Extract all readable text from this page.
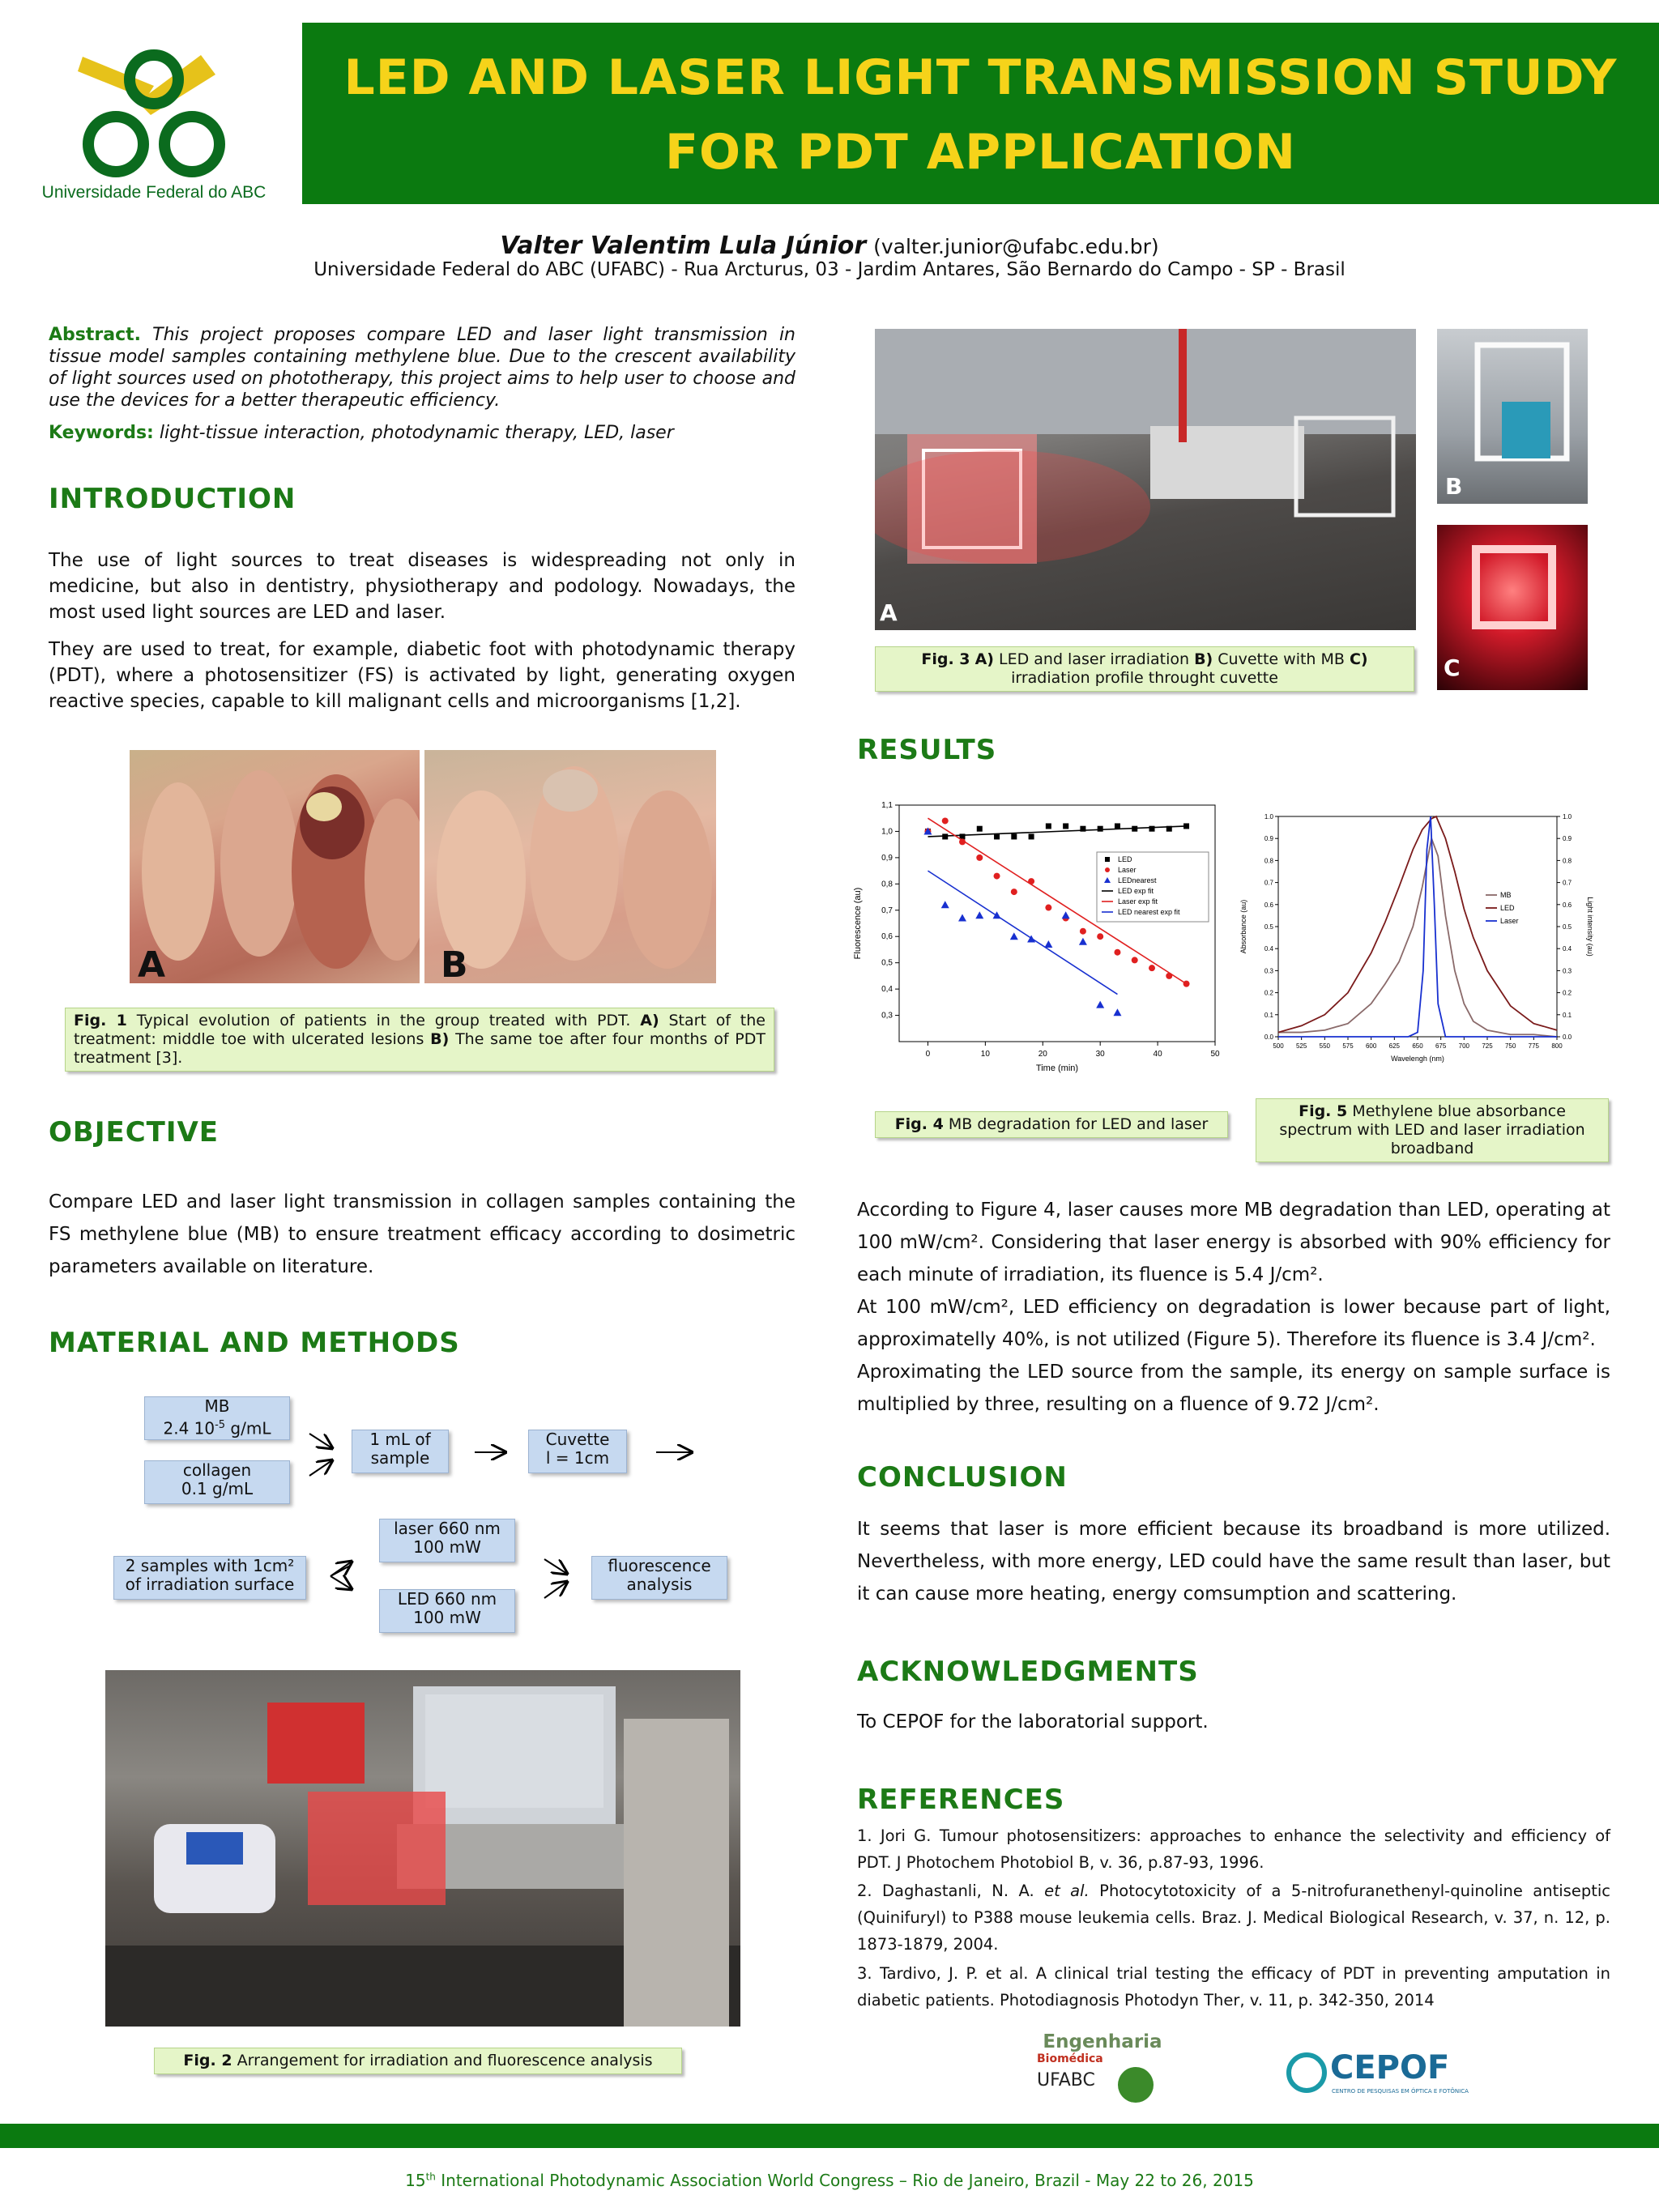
LED AND LASER LIGHT TRANSMISSION STUDY
FOR PDT APPLICATION
Universidade Federal do ABC
Valter Valentim Lula Júnior (valter.junior@ufabc.edu.br)
Universidade Federal do ABC (UFABC) - Rua Arcturus, 03 - Jardim Antares, São Bernardo do Campo - SP - Brasil
Abstract. This project proposes compare LED and laser light transmission in tissue model samples containing methylene blue. Due to the crescent availability of light sources used on phototherapy, this project aims to help user to choose and use the devices for a better therapeutic efficiency.
Keywords: light-tissue interaction, photodynamic therapy, LED, laser
INTRODUCTION
The use of light sources to treat diseases is widespreading not only in medicine, but also in dentistry, physiotherapy and podology. Nowadays, the most used light sources are LED and laser.
They are used to treat, for example, diabetic foot with photodynamic therapy (PDT), where a photosensitizer (FS) is activated by light, generating oxygen reactive species, capable to kill malignant cells and microorganisms [1,2].
A	B
Fig. 1 Typical evolution of patients in the group treated with PDT. A) Start of the treatment: middle toe with ulcerated lesions B) The same toe after four months of PDT treatment [3].
OBJECTIVE
Compare LED and laser light transmission in collagen samples containing the FS methylene blue (MB) to ensure treatment efficacy according to dosimetric parameters available on literature.
MATERIAL AND METHODS
MB
2.4 $10^{-5}$ g/mL
collagen
0.1 g/mL
1 mL of
sample
Cuvette
l = 1cm
2 samples with 1cm²
of irradiation surface
laser 660 nm
100 mW
LED 660 nm
100 mW
fluorescence
analysis
Fig. 2 Arrangement for irradiation and fluorescence analysis
A
B
C
Fig. 3 A) LED and laser irradiation B) Cuvette with MB C) irradiation profile throught cuvette
RESULTS
0	10	20	30	40	50
0,3
0,4
0,5
0,6
0,7
0,8
0,9
1,0
1,1
Time (min)
Fluorescence (au)
LED
Laser
LEDnearest
LED exp fit
Laser exp fit
LED nearest exp fit
Fig. 4 MB degradation for LED and laser
500 525 550 575 600 625 650 675 700 725 750 775 800
0.0	0.0
0.1	0.1
0.2	0.2
0.3	0.3
0.4	0.4
0.5	0.5
0.6	0.6
0.7	0.7
0.8	0.8
0.9	0.9
1.0	1.0
Wavelengh (nm)
Absorbance (au)	Light intensity (au)
MB
LED
Laser
Fig. 5 Methylene blue absorbance spectrum with LED and laser irradiation broadband
According to Figure 4, laser causes more MB degradation than LED, operating at 100 mW/cm². Considering that laser energy is absorbed with 90% efficiency for each minute of irradiation, its fluence is 5.4 J/cm².
At 100 mW/cm², LED efficiency on degradation is lower because part of light, approximatelly 40%, is not utilized (Figure 5). Therefore its fluence is 3.4 J/cm².
Aproximating the LED source from the sample, its energy on sample surface is multiplied by three, resulting on a fluence of 9.72 J/cm².
CONCLUSION
It seems that laser is more efficient because its broadband is more utilized. Nevertheless, with more energy, LED could have the same result than laser, but it can cause more heating, energy comsumption and scattering.
ACKNOWLEDGMENTS
To CEPOF for the laboratorial support.
REFERENCES
1. Jori G. Tumour photosensitizers: approaches to enhance the selectivity and efficiency of PDT. J Photochem Photobiol B, v. 36, p.87-93, 1996.
2. Daghastanli, N. A. et al. Photocytotoxicity of a 5-nitrofuranethenyl-quinoline antiseptic (Quinifuryl) to P388 mouse leukemia cells. Braz. J. Medical Biological Research, v. 37, n. 12, p. 1873-1879, 2004.
3. Tardivo, J. P. et al. A clinical trial testing the efficacy of PDT in preventing amputation in diabetic patients. Photodiagnosis Photodyn Ther, v. 11, p. 342-350, 2014
Engenharia
Biomédica
UFABC	CEPOF
CENTRO DE PESQUISAS EM ÓPTICA E FOTÔNICA
15th International Photodynamic Association World Congress – Rio de Janeiro, Brazil - May 22 to 26, 2015
